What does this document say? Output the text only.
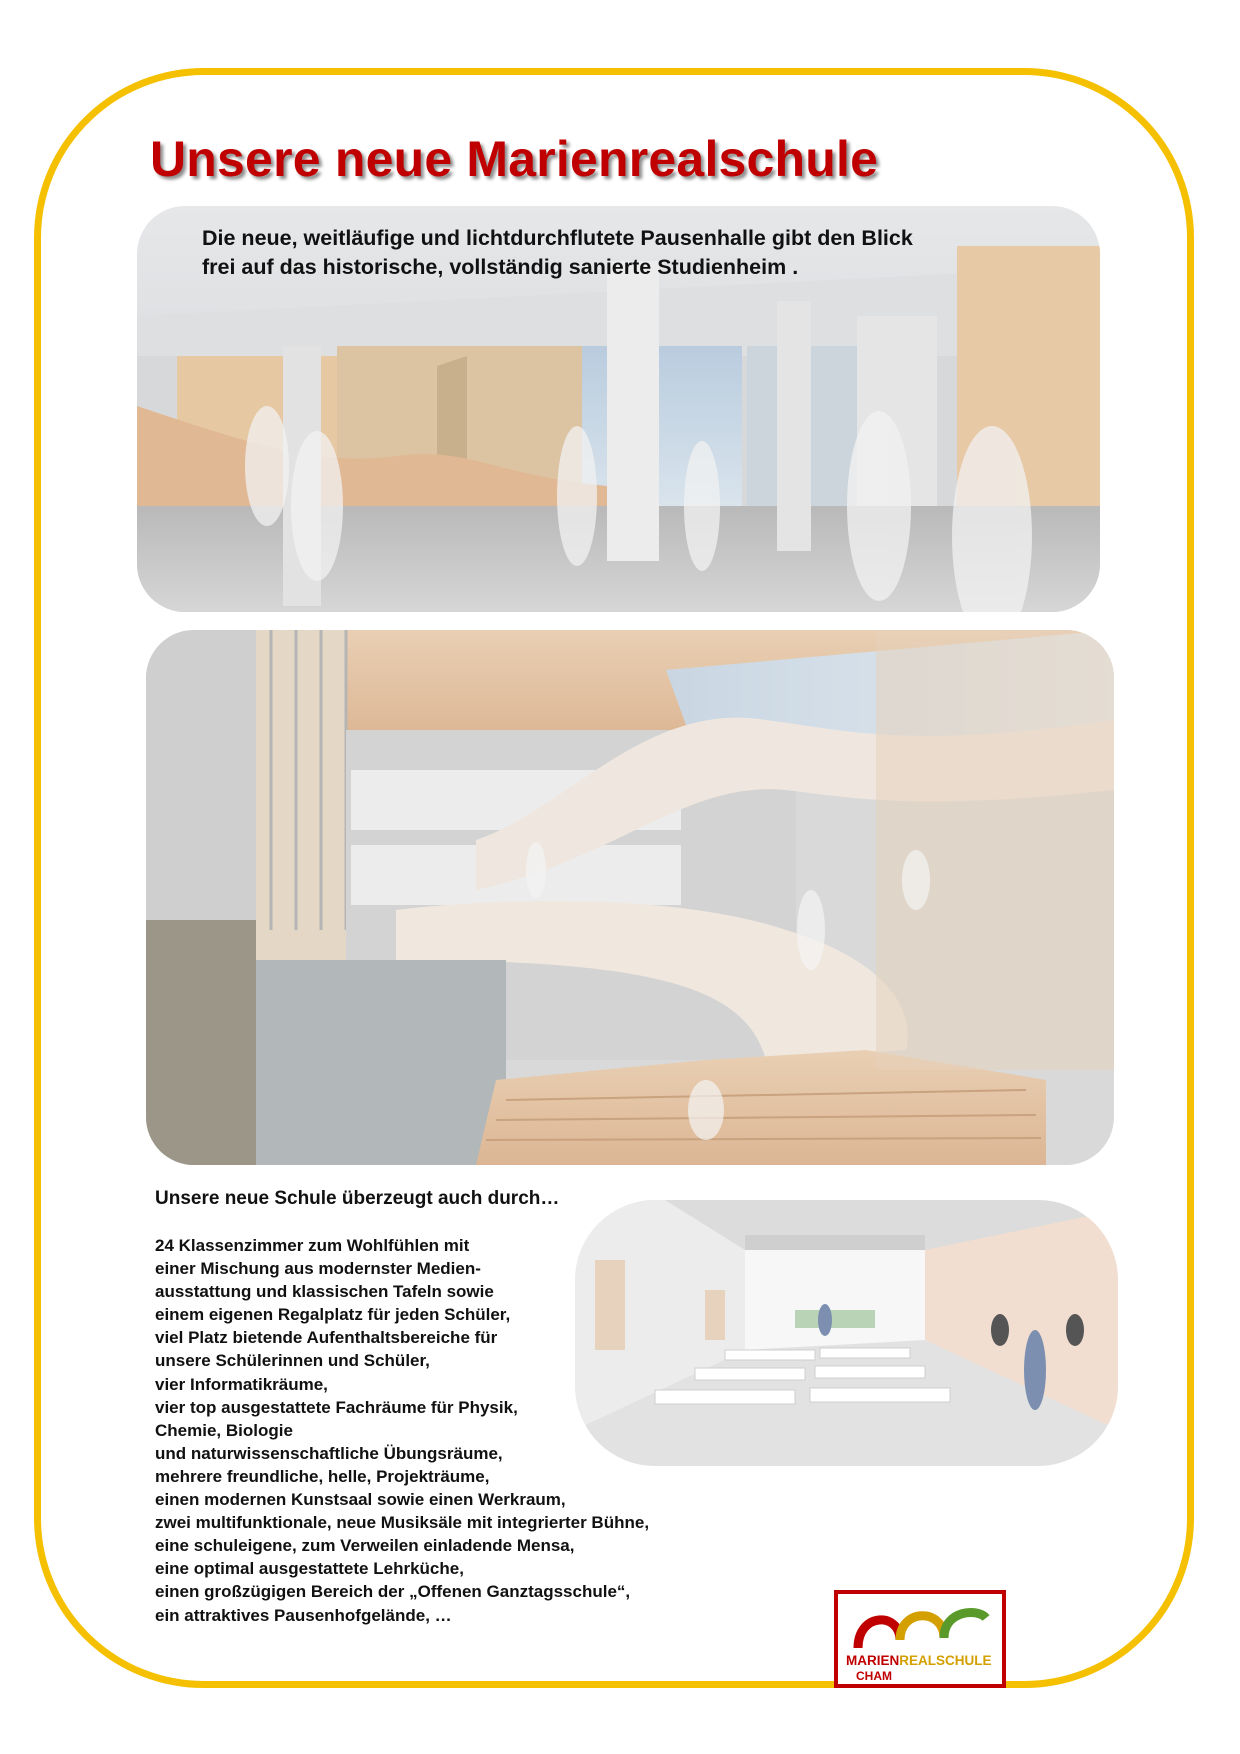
Unsere neue Marienrealschule
Die neue, weitläufige und lichtdurchflutete Pausenhalle gibt den Blick
frei auf das historische, vollständig sanierte Studienheim .
Unsere neue Schule überzeugt auch durch…
24 Klassenzimmer zum Wohlfühlen mit
einer Mischung aus modernster Medien-
ausstattung und klassischen Tafeln sowie
einem eigenen Regalplatz für jeden Schüler,
viel Platz bietende Aufenthaltsbereiche für
unsere Schülerinnen und Schüler,
vier Informatikräume,
vier top ausgestattete Fachräume für Physik,
Chemie, Biologie
und naturwissenschaftliche Übungsräume,
mehrere freundliche, helle, Projekträume,
einen modernen Kunstsaal sowie einen Werkraum,
zwei multifunktionale, neue Musiksäle mit integrierter Bühne,
eine schuleigene, zum Verweilen einladende Mensa,
eine optimal ausgestattete Lehrküche,
einen großzügigen Bereich der „Offenen Ganztagsschule“,
ein attraktives Pausenhofgelände, …
MARIENREALSCHULE
CHAM
